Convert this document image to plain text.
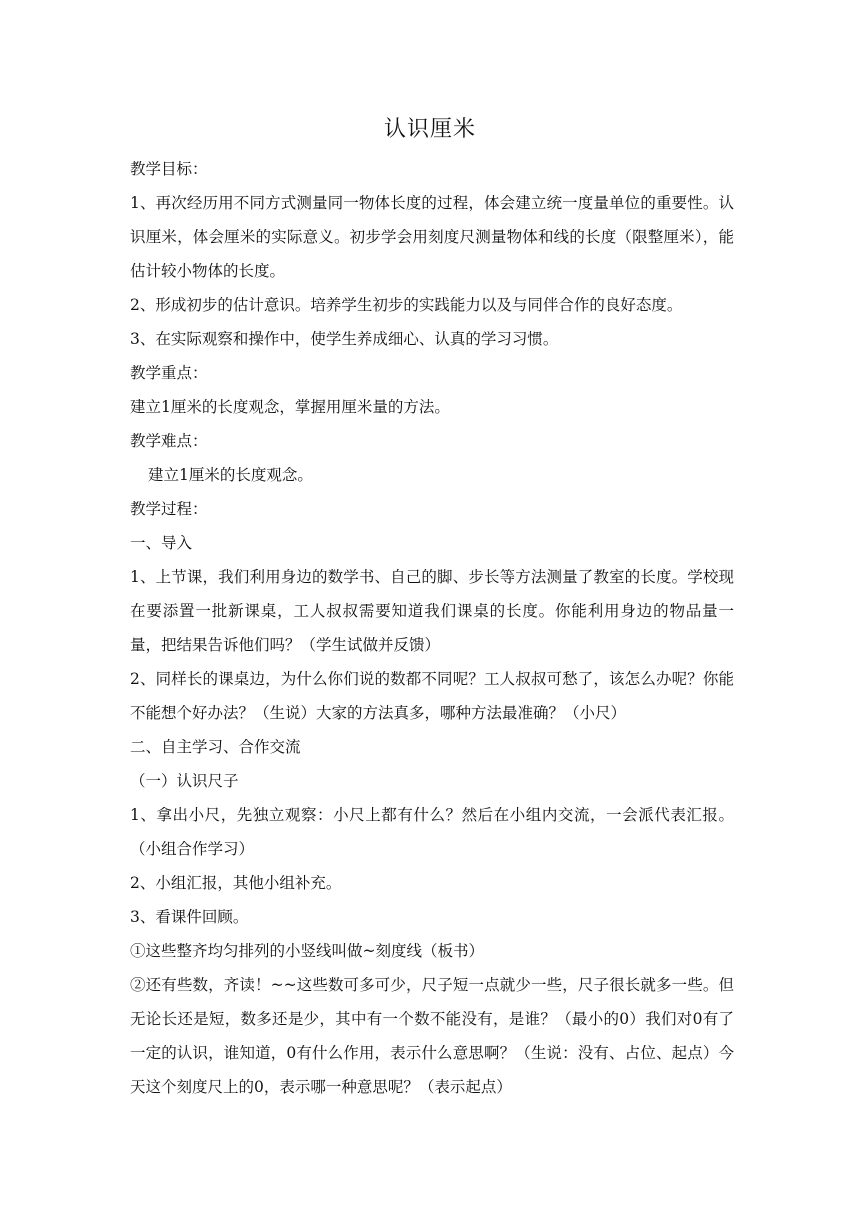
认识厘米

教学目标：

1、再次经历用不同方式测量同一物体长度的过程，体会建立统一度量单位的重要性。认识厘米，体会厘米的实际意义。初步学会用刻度尺测量物体和线的长度（限整厘米），能估计较小物体的长度。

2、形成初步的估计意识。培养学生初步的实践能力以及与同伴合作的良好态度。

3、在实际观察和操作中，使学生养成细心、认真的学习习惯。

教学重点：

建立1厘米的长度观念，掌握用厘米量的方法。

教学难点：

建立1厘米的长度观念。

教学过程：

一、导入

1、上节课，我们利用身边的数学书、自己的脚、步长等方法测量了教室的长度。学校现在要添置一批新课桌，工人叔叔需要知道我们课桌的长度。你能利用身边的物品量一量，把结果告诉他们吗？（学生试做并反馈）

2、同样长的课桌边，为什么你们说的数都不同呢？工人叔叔可愁了，该怎么办呢？你能不能想个好办法？（生说）大家的方法真多，哪种方法最准确？（小尺）

二、自主学习、合作交流

（一）认识尺子

1、拿出小尺，先独立观察：小尺上都有什么？然后在小组内交流，一会派代表汇报。（小组合作学习）

2、小组汇报，其他小组补充。

3、看课件回顾。

①这些整齐均匀排列的小竖线叫做~刻度线（板书）

②还有些数，齐读！~~这些数可多可少，尺子短一点就少一些，尺子很长就多一些。但无论长还是短，数多还是少，其中有一个数不能没有，是谁？（最小的0）我们对0有了一定的认识，谁知道，0有什么作用，表示什么意思啊？（生说：没有、占位、起点）今天这个刻度尺上的0，表示哪一种意思呢？（表示起点）
